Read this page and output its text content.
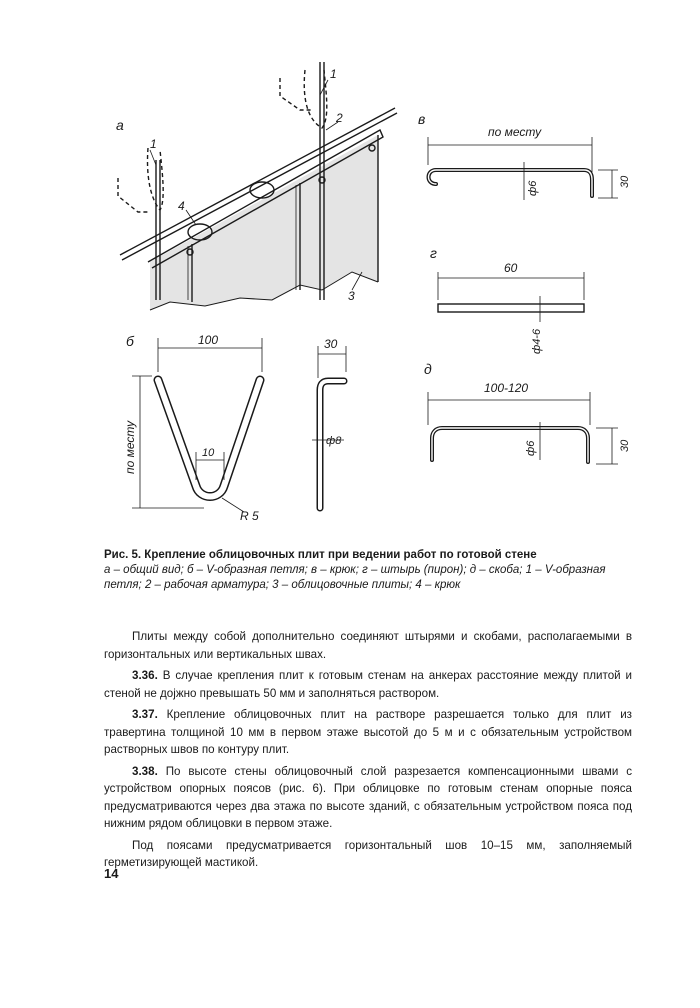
а
б
в
г
д
1
1
2
3
4
по месту
30
ф6
60
ф4-6
100-120
30
ф6
100
по месту	10
R 5
30
ф8
Рис. 5. Крепление облицовочных плит при ведении работ по готовой стене
а – общий вид; б – V-образная петля; в – крюк; г – штырь (пирон); д – скоба; 1 – V-образная петля; 2 – рабочая арматура; 3 – облицовочные плиты; 4 – крюк

Плиты между собой дополнительно соединяют штырями и скобами, располагаемыми в горизонтальных или вертикальных швах.

3.36. В случае крепления плит к готовым стенам на анкерах расстояние между плитой и стеной не доjжно превышать 50 мм и заполняться раствором.

3.37. Крепление облицовочных плит на растворе разрешается только для плит из травертина толщиной 10 мм в первом этаже высотой до 5 м и с обязательным устройством растворных швов по контуру плит.

3.38. По высоте стены облицовочный слой разрезается компенсационными швами с устройством опорных поясов (рис. 6). При облицовке по готовым стенам опорные пояса предусматриваются через два этажа по высоте зданий, с обязательным устройством пояса под нижним рядом облицовки в первом этаже.

Под поясами предусматривается горизонтальный шов 10–15 мм, заполняемый герметизирующей мастикой.

14
